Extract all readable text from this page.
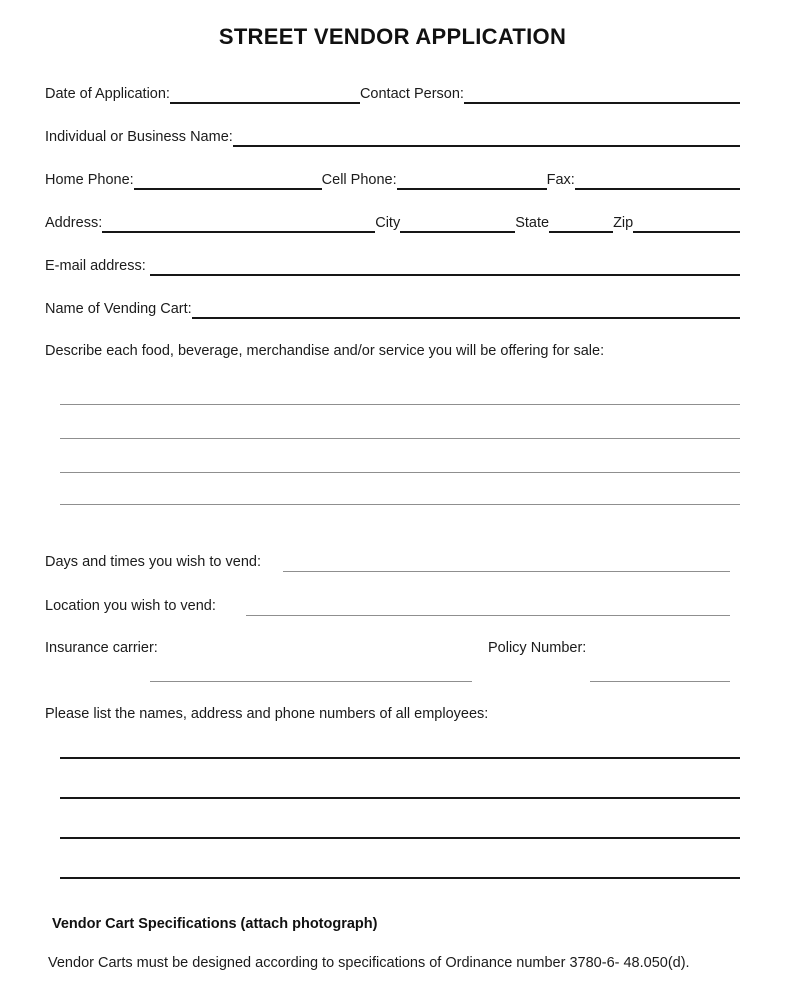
STREET VENDOR APPLICATION
Date of Application:	Contact Person:
Individual or Business Name:
Home Phone:	Cell Phone:	Fax:
Address:	City	State	Zip
E-mail address:
Name of Vending Cart:
Describe each food, beverage, merchandise and/or service you will be offering for sale:
Days and times you wish to vend:
Location you wish to vend:
Insurance carrier:	Policy Number:
Please list the names, address and phone numbers of all employees:
Vendor Cart Specifications (attach photograph)
Vendor Carts must be designed according to specifications of Ordinance number 3780-6- 48.050(d).
